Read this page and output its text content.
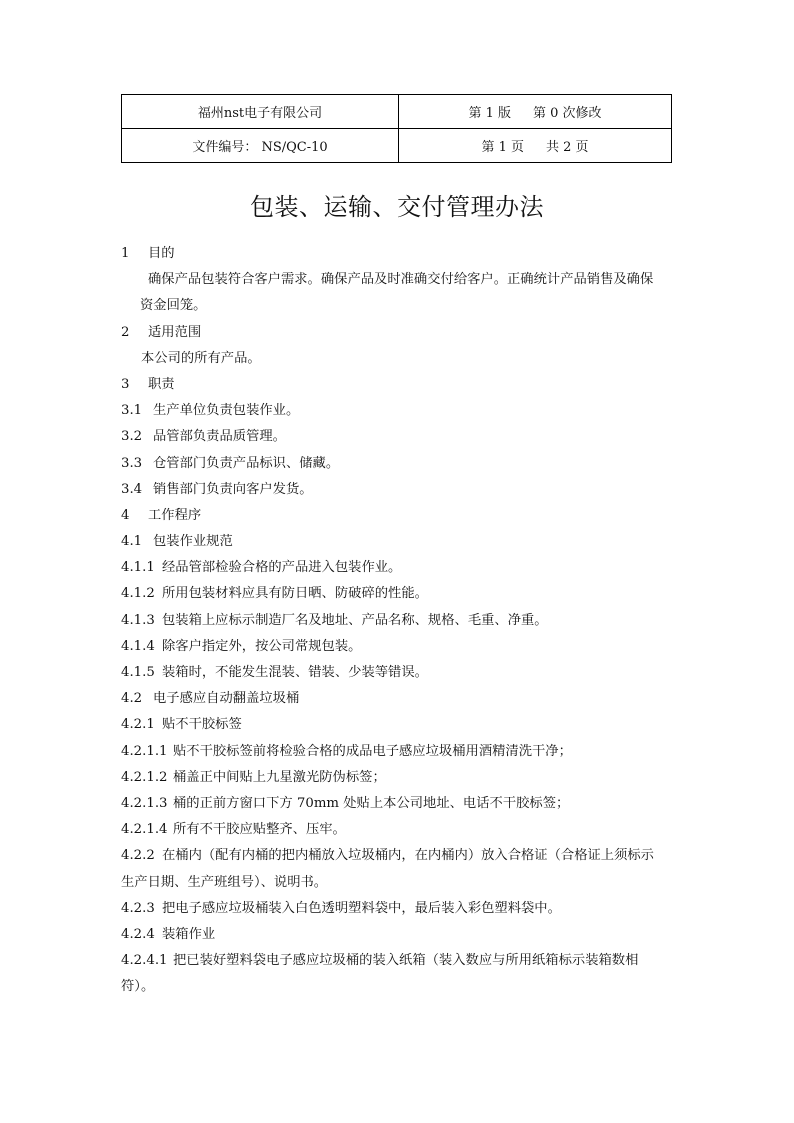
福州nst电子有限公司	第 1 版 第 0 次修改
文件编号： NS/QC-10	第 1 页 共 2 页
包装、运输、交付管理办法
1 目的
确保产品包装符合客户需求。确保产品及时准确交付给客户。正确统计产品销售及确保
资金回笼。
2 适用范围
本公司的所有产品。
3 职责
3.1 生产单位负责包装作业。
3.2 品管部负责品质管理。
3.3 仓管部门负责产品标识、储藏。
3.4 销售部门负责向客户发货。
4 工作程序
4.1 包装作业规范
4.1.1 经品管部检验合格的产品进入包装作业。
4.1.2 所用包装材料应具有防日晒、防破碎的性能。
4.1.3 包装箱上应标示制造厂名及地址、产品名称、规格、毛重、净重。
4.1.4 除客户指定外，按公司常规包装。
4.1.5 装箱时，不能发生混装、错装、少装等错误。
4.2 电子感应自动翻盖垃圾桶
4.2.1 贴不干胶标签
4.2.1.1 贴不干胶标签前将检验合格的成品电子感应垃圾桶用酒精清洗干净；
4.2.1.2 桶盖正中间贴上九星激光防伪标签；
4.2.1.3 桶的正前方窗口下方 70mm 处贴上本公司地址、电话不干胶标签；
4.2.1.4 所有不干胶应贴整齐、压牢。
4.2.2 在桶内（配有内桶的把内桶放入垃圾桶内，在内桶内）放入合格证（合格证上须标示
生产日期、生产班组号）、说明书。
4.2.3 把电子感应垃圾桶装入白色透明塑料袋中，最后装入彩色塑料袋中。
4.2.4 装箱作业
4.2.4.1 把已装好塑料袋电子感应垃圾桶的装入纸箱（装入数应与所用纸箱标示装箱数相
符）。
